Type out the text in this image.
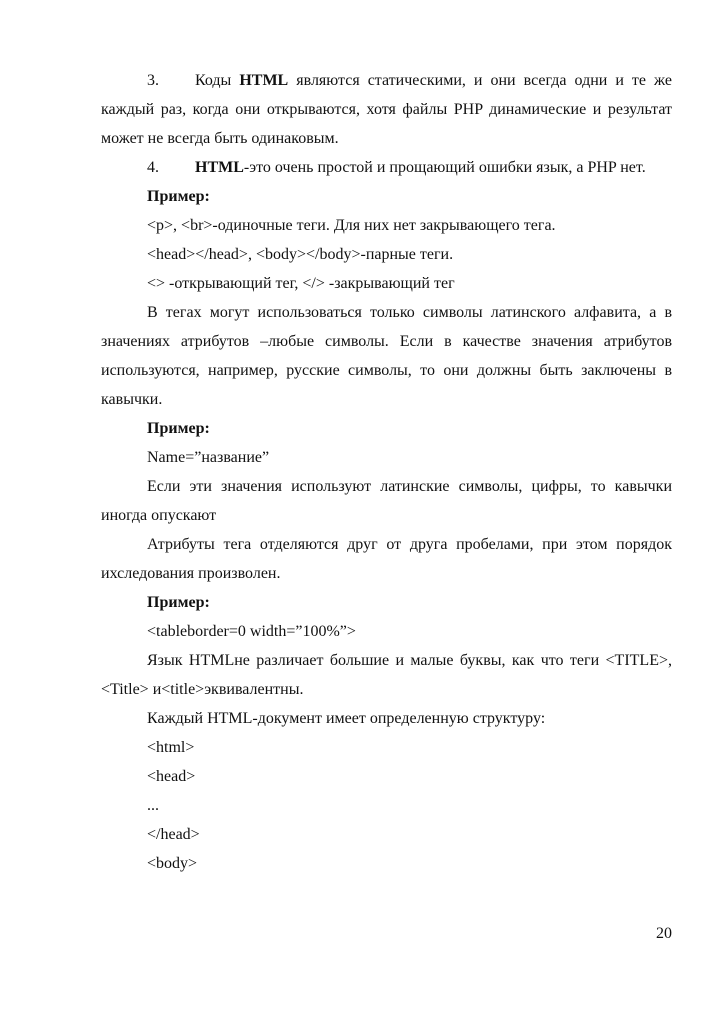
3. Коды HTML являются статическими, и они всегда одни и те же каждый раз, когда они открываются, хотя файлы PHP динамические и результат может не всегда быть одинаковым.

4. HTML-это очень простой и прощающий ошибки язык, а PHP нет.

Пример:

<p>, <br>-одиночные теги. Для них нет закрывающего тега.

<head></head>, <body></body>-парные теги.

<> -открывающий тег, </> -закрывающий тег

В тегах могут использоваться только символы латинского алфавита, а в значениях атрибутов –любые символы. Если в качестве значения атрибутов используются, например, русские символы, то они должны быть заключены в кавычки.

Пример:

Name=”название”

Если эти значения используют латинские символы, цифры, то кавычки иногда опускают

Атрибуты тега отделяются друг от друга пробелами, при этом порядок ихследования произволен.

Пример:

<tableborder=0 width=”100%”>

Язык HTMLне различает большие и малые буквы, как что теги <TITLE>, <Title> и<title>эквивалентны.

Каждый HTML-документ имеет определенную структуру:

<html>

<head>

...

</head>

<body>

20
